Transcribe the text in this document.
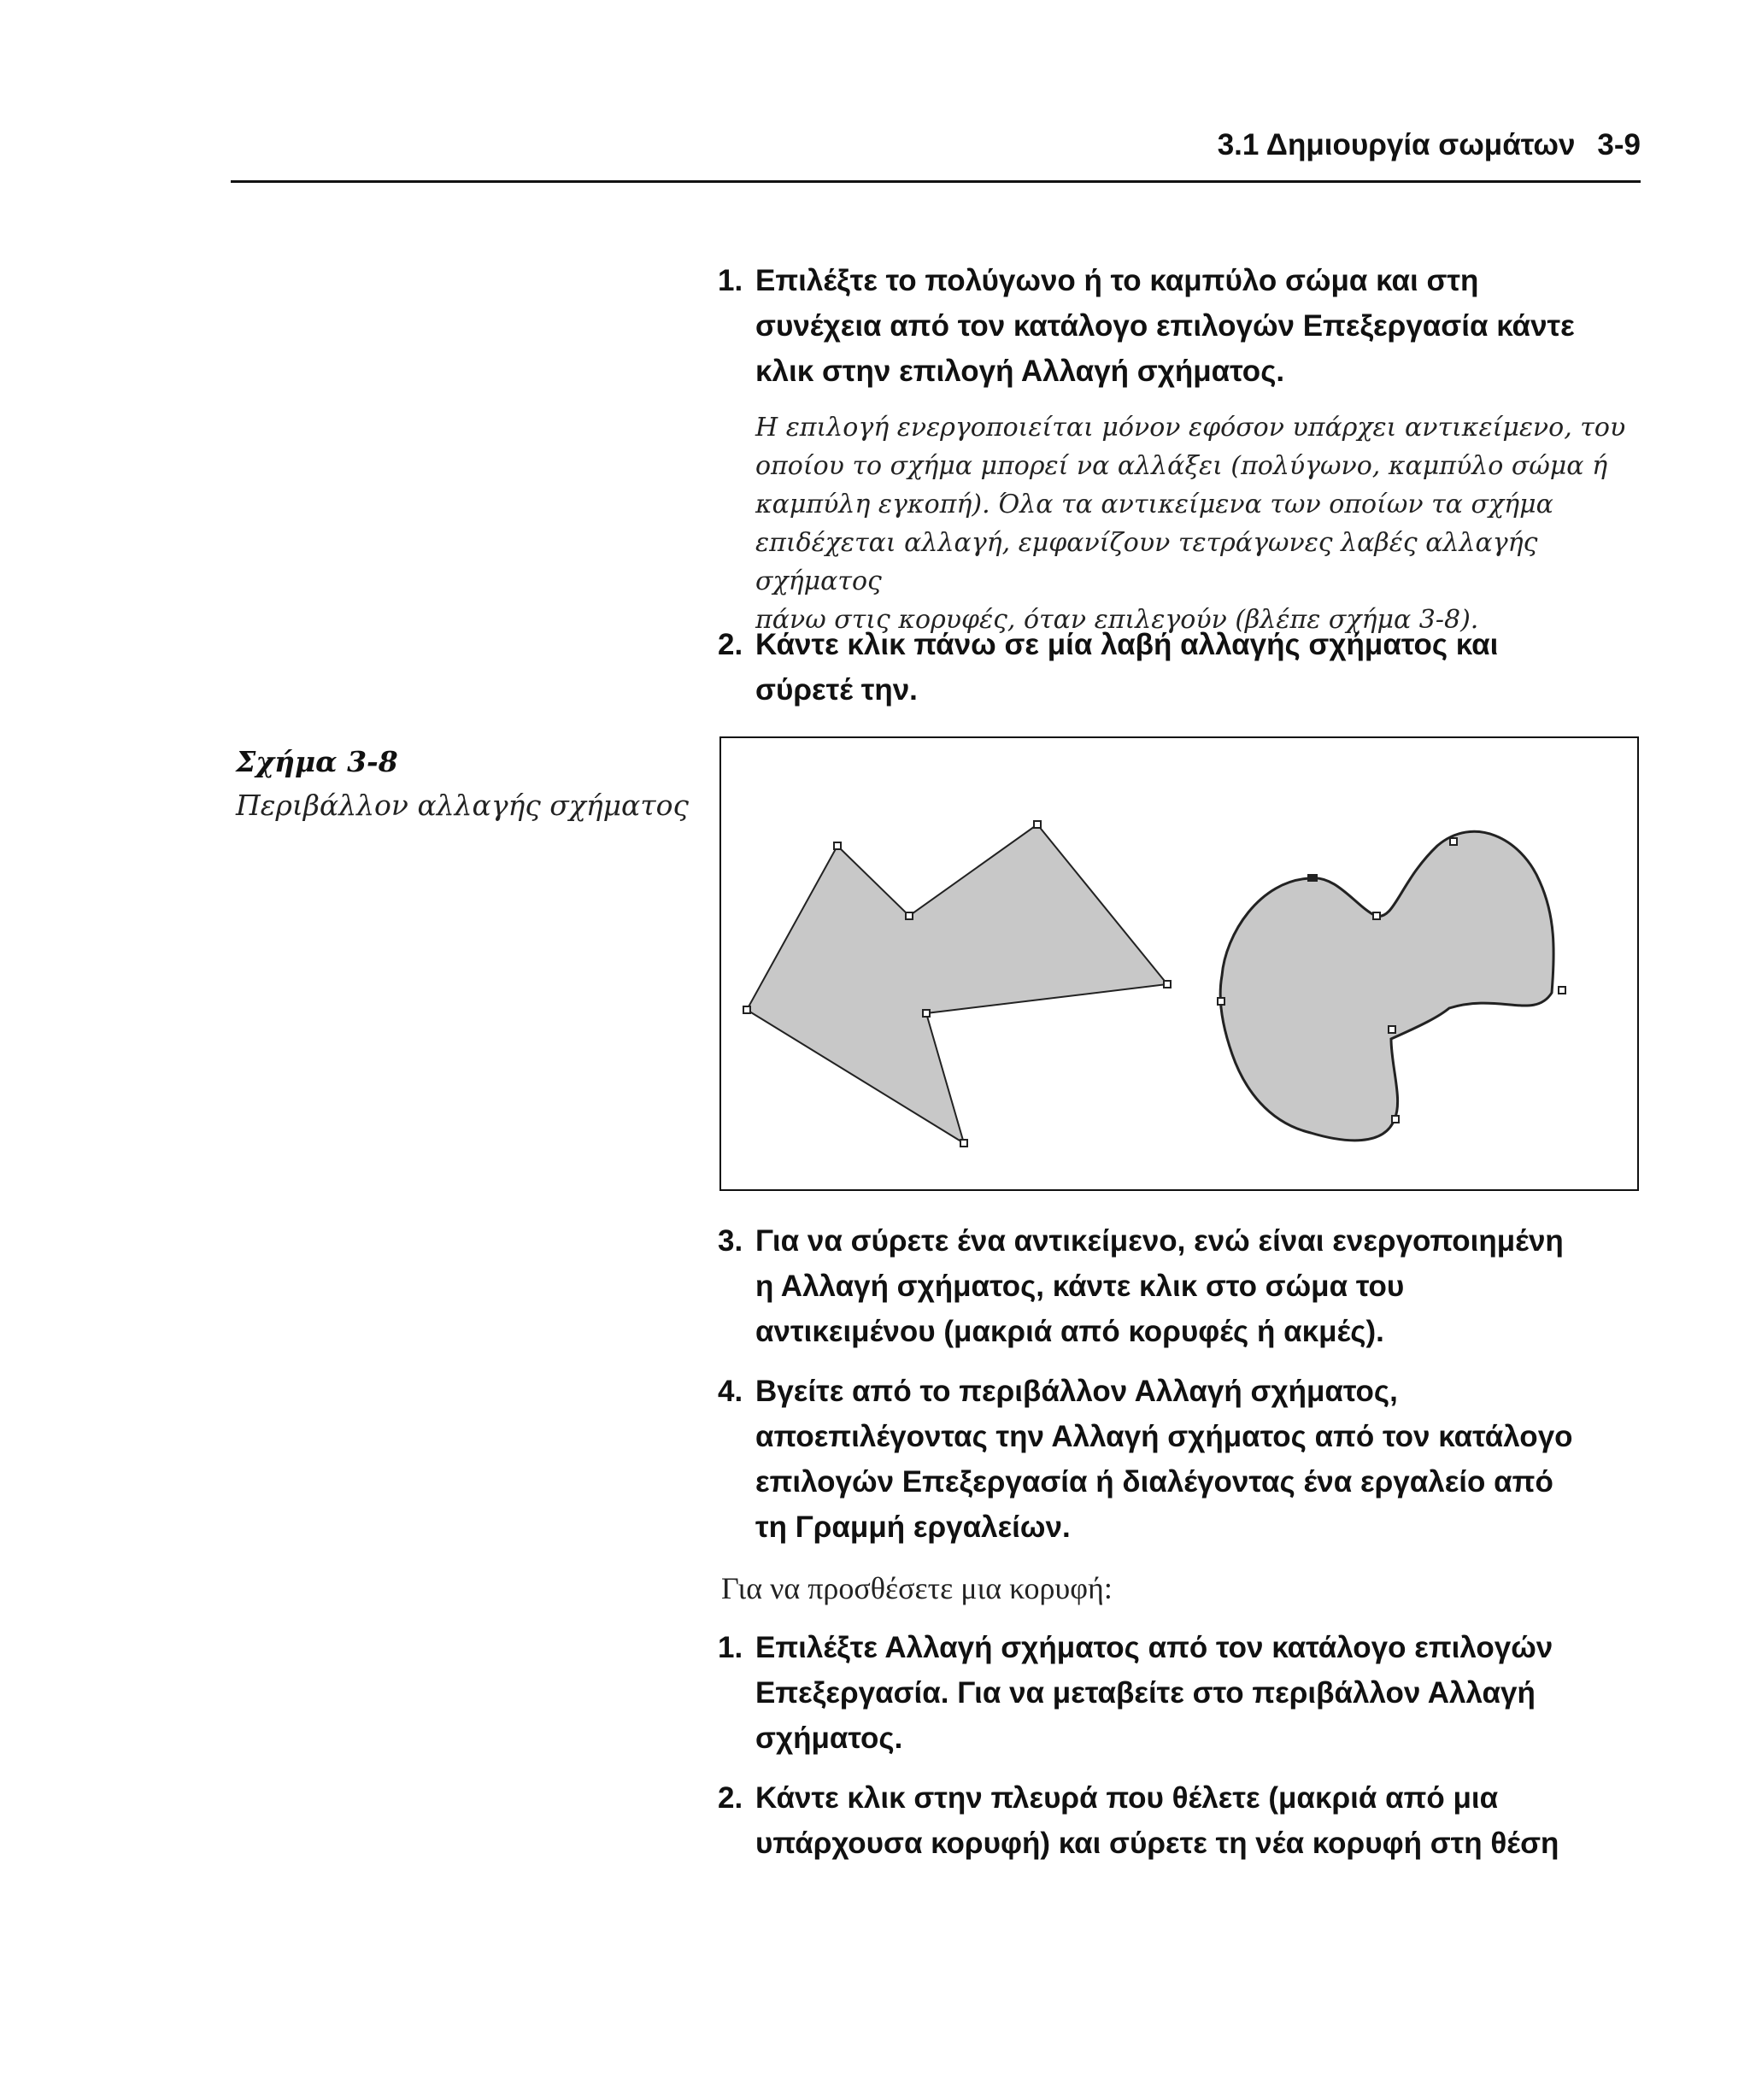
3.1 Δημιουργία σωμάτων 3-9
1. Επιλέξτε το πολύγωνο ή το καμπύλο σώμα και στη
συνέχεια από τον κατάλογο επιλογών Επεξεργασία κάντε
κλικ στην επιλογή Αλλαγή σχήματος.
Η επιλογή ενεργοποιείται μόνον εφόσον υπάρχει αντικείμενο, του
οποίου το σχήμα μπορεί να αλλάξει (πολύγωνο, καμπύλο σώμα ή
καμπύλη εγκοπή). Όλα τα αντικείμενα των οποίων τα σχήμα
επιδέχεται αλλαγή, εμφανίζουν τετράγωνες λαβές αλλαγής σχήματος
πάνω στις κορυφές, όταν επιλεγούν (βλέπε σχήμα 3-8).
2. Κάντε κλικ πάνω σε μία λαβή αλλαγής σχήματος και
σύρετέ την.
Σχήμα 3-8
Περιβάλλον αλλαγής σχήματος
3. Για να σύρετε ένα αντικείμενο, ενώ είναι ενεργοποιημένη
η Αλλαγή σχήματος, κάντε κλικ στο σώμα του
αντικειμένου (μακριά από κορυφές ή ακμές).
4. Βγείτε από το περιβάλλον Αλλαγή σχήματος,
αποεπιλέγοντας την Αλλαγή σχήματος από τον κατάλογο
επιλογών Επεξεργασία ή διαλέγοντας ένα εργαλείο από
τη Γραμμή εργαλείων.
Για να προσθέσετε μια κορυφή:
1. Επιλέξτε Αλλαγή σχήματος από τον κατάλογο επιλογών
Επεξεργασία. Για να μεταβείτε στο περιβάλλον Αλλαγή
σχήματος.
2. Κάντε κλικ στην πλευρά που θέλετε (μακριά από μια
υπάρχουσα κορυφή) και σύρετε τη νέα κορυφή στη θέση
